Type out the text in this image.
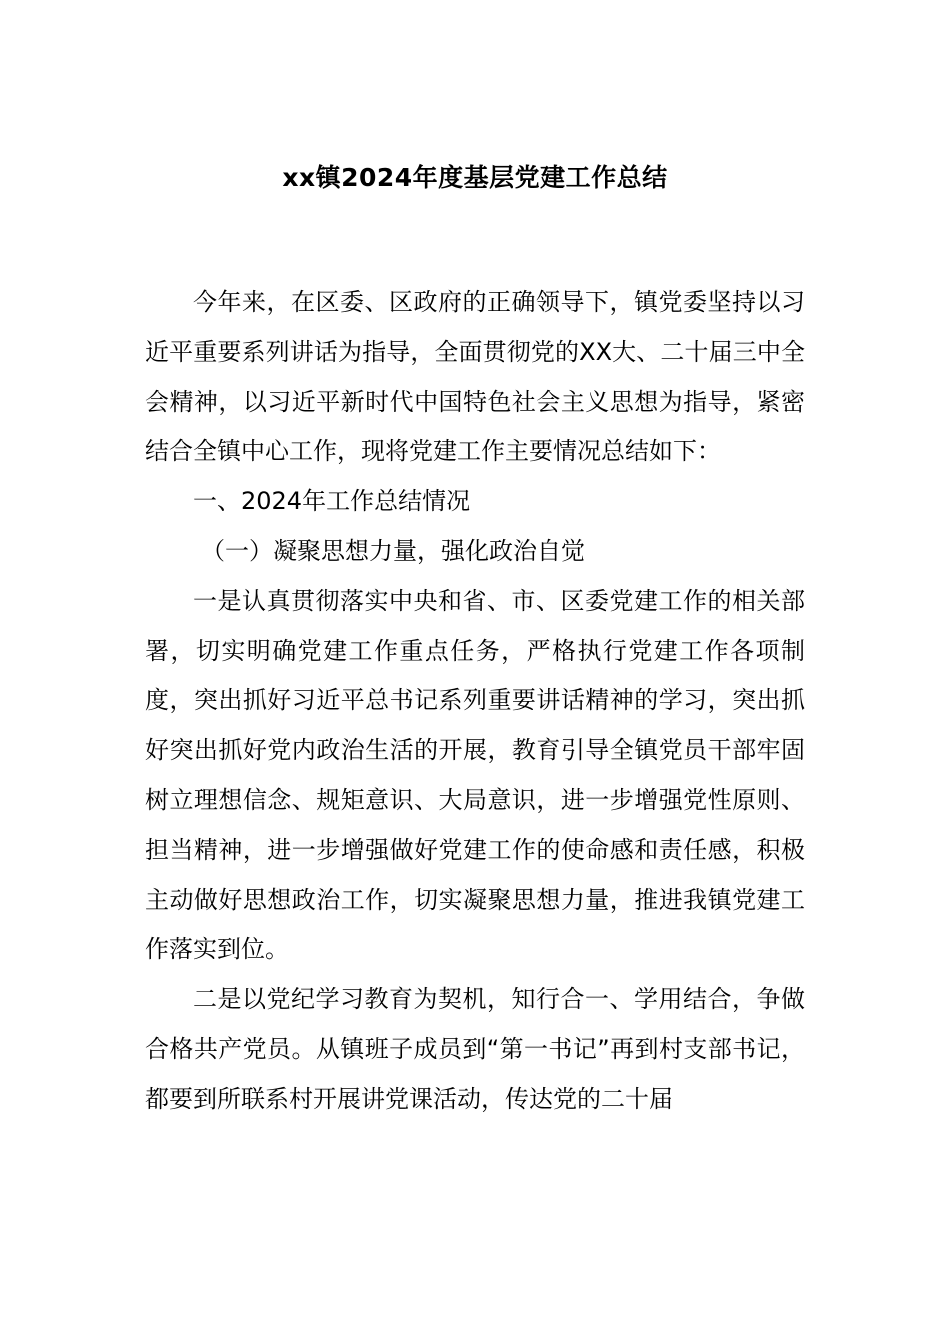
xx镇2024年度基层党建工作总结

今年来，在区委、区政府的正确领导下，镇党委坚持以习近平重要系列讲话为指导，全面贯彻党的XX大、二十届三中全会精神，以习近平新时代中国特色社会主义思想为指导，紧密结合全镇中心工作，现将党建工作主要情况总结如下：

一、2024年工作总结情况

（一）凝聚思想力量，强化政治自觉

一是认真贯彻落实中央和省、市、区委党建工作的相关部署，切实明确党建工作重点任务，严格执行党建工作各项制度，突出抓好习近平总书记系列重要讲话精神的学习，突出抓好突出抓好党内政治生活的开展，教育引导全镇党员干部牢固树立理想信念、规矩意识、大局意识，进一步增强党性原则、担当精神，进一步增强做好党建工作的使命感和责任感，积极主动做好思想政治工作，切实凝聚思想力量，推进我镇党建工作落实到位。

二是以党纪学习教育为契机，知行合一、学用结合，争做合格共产党员。从镇班子成员到“第一书记”再到村支部书记，都要到所联系村开展讲党课活动，传达党的二十届
